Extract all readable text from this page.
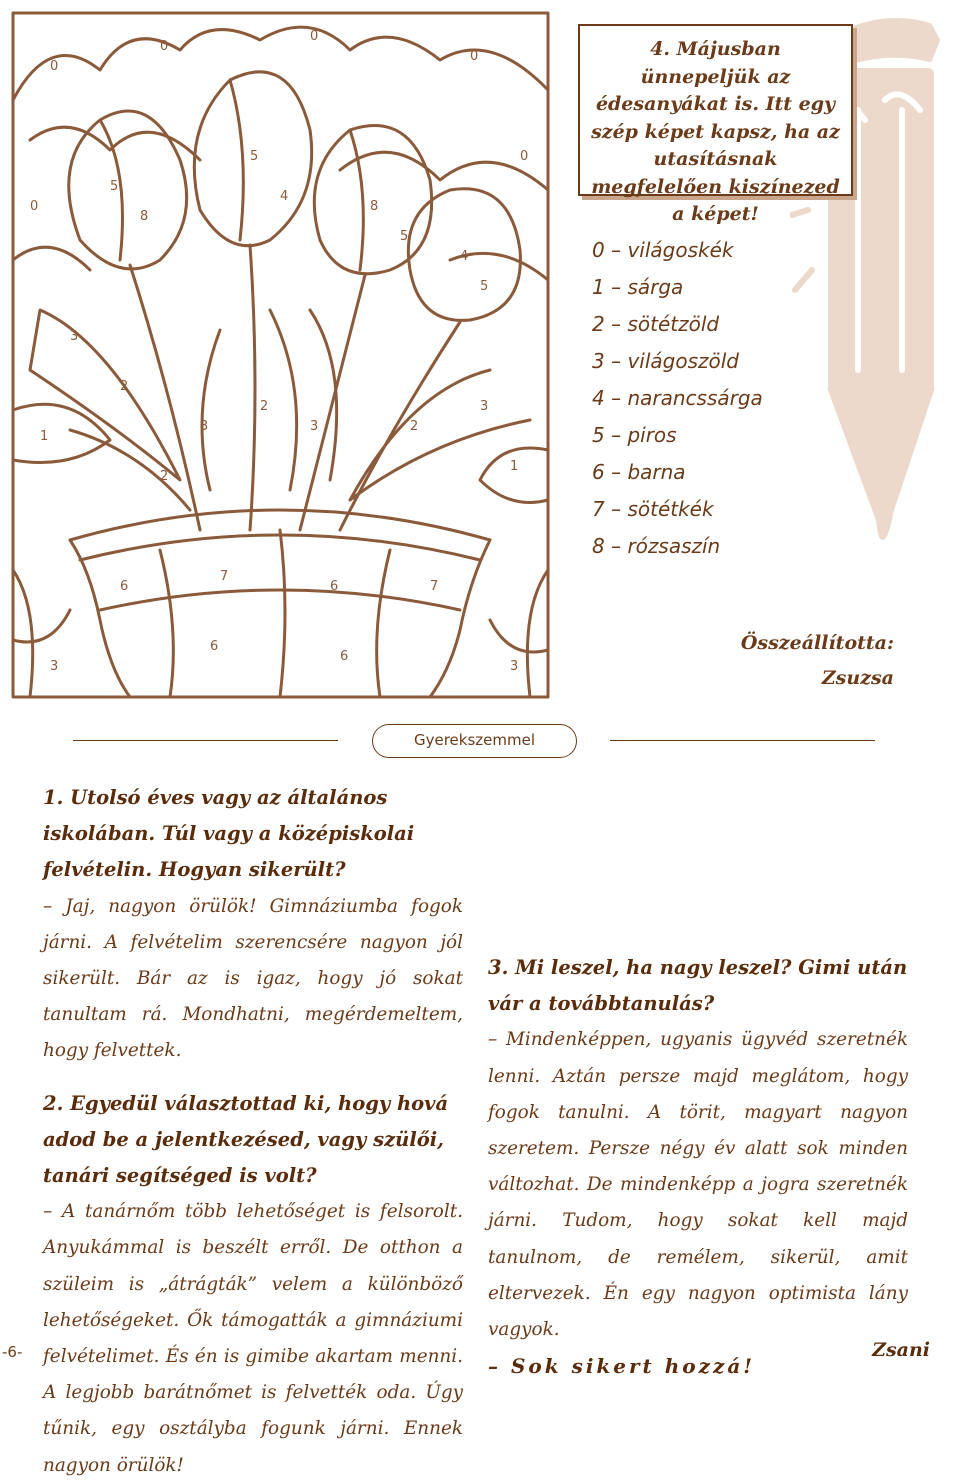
0
0
0
0
5
8
5
4
8
5
4
5
3
2
3
2
3	2
3
1
1
6
7
6	7
6
6
3	3
0
0
2
4. Májusban ünnepeljük az édesanyákat is. Itt egy szép képet kapsz, ha az utasításnak megfelelően kiszínezed a képet!
0 – világoskék
1 – sárga
2 – sötétzöld
3 – világoszöld
4 – narancssárga
5 – piros
6 – barna
7 – sötétkék
8 – rózsaszín
Összeállította:
Zsuzsa
Gyerekszemmel
1. Utolsó éves vagy az általános iskolában. Túl vagy a középiskolai felvételin. Hogyan sikerült?
– Jaj, nagyon örülök! Gimnáziumba fogok járni. A felvételim szerencsére nagyon jól sikerült. Bár az is igaz, hogy jó sokat tanultam rá. Mondhatni, megérdemeltem, hogy felvettek.
2. Egyedül választottad ki, hogy hová adod be a jelentkezésed, vagy szülői, tanári segítséged is volt?
– A tanárnőm több lehetőséget is felsorolt. Anyukámmal is beszélt erről. De otthon a szüleim is „átrágták” velem a különböző lehetőségeket. Ők támogatták a gimnáziumi felvételimet. És én is gimibe akartam menni. A legjobb barátnőmet is felvették oda. Úgy tűnik, egy osztályba fogunk járni. Ennek nagyon örülök!
3. Mi leszel, ha nagy leszel? Gimi után vár a továbbtanulás?
– Mindenképpen, ugyanis ügyvéd szeretnék lenni. Aztán persze majd meglátom, hogy fogok tanulni. A törit, magyart nagyon szeretem. Persze négy év alatt sok minden változhat. De mindenképp a jogra szeretnék járni. Tudom, hogy sokat kell majd tanulnom, de remélem, sikerül, amit eltervezek. Én egy nagyon optimista lány vagyok.
– Sok sikert hozzá!
-6-	Zsani
